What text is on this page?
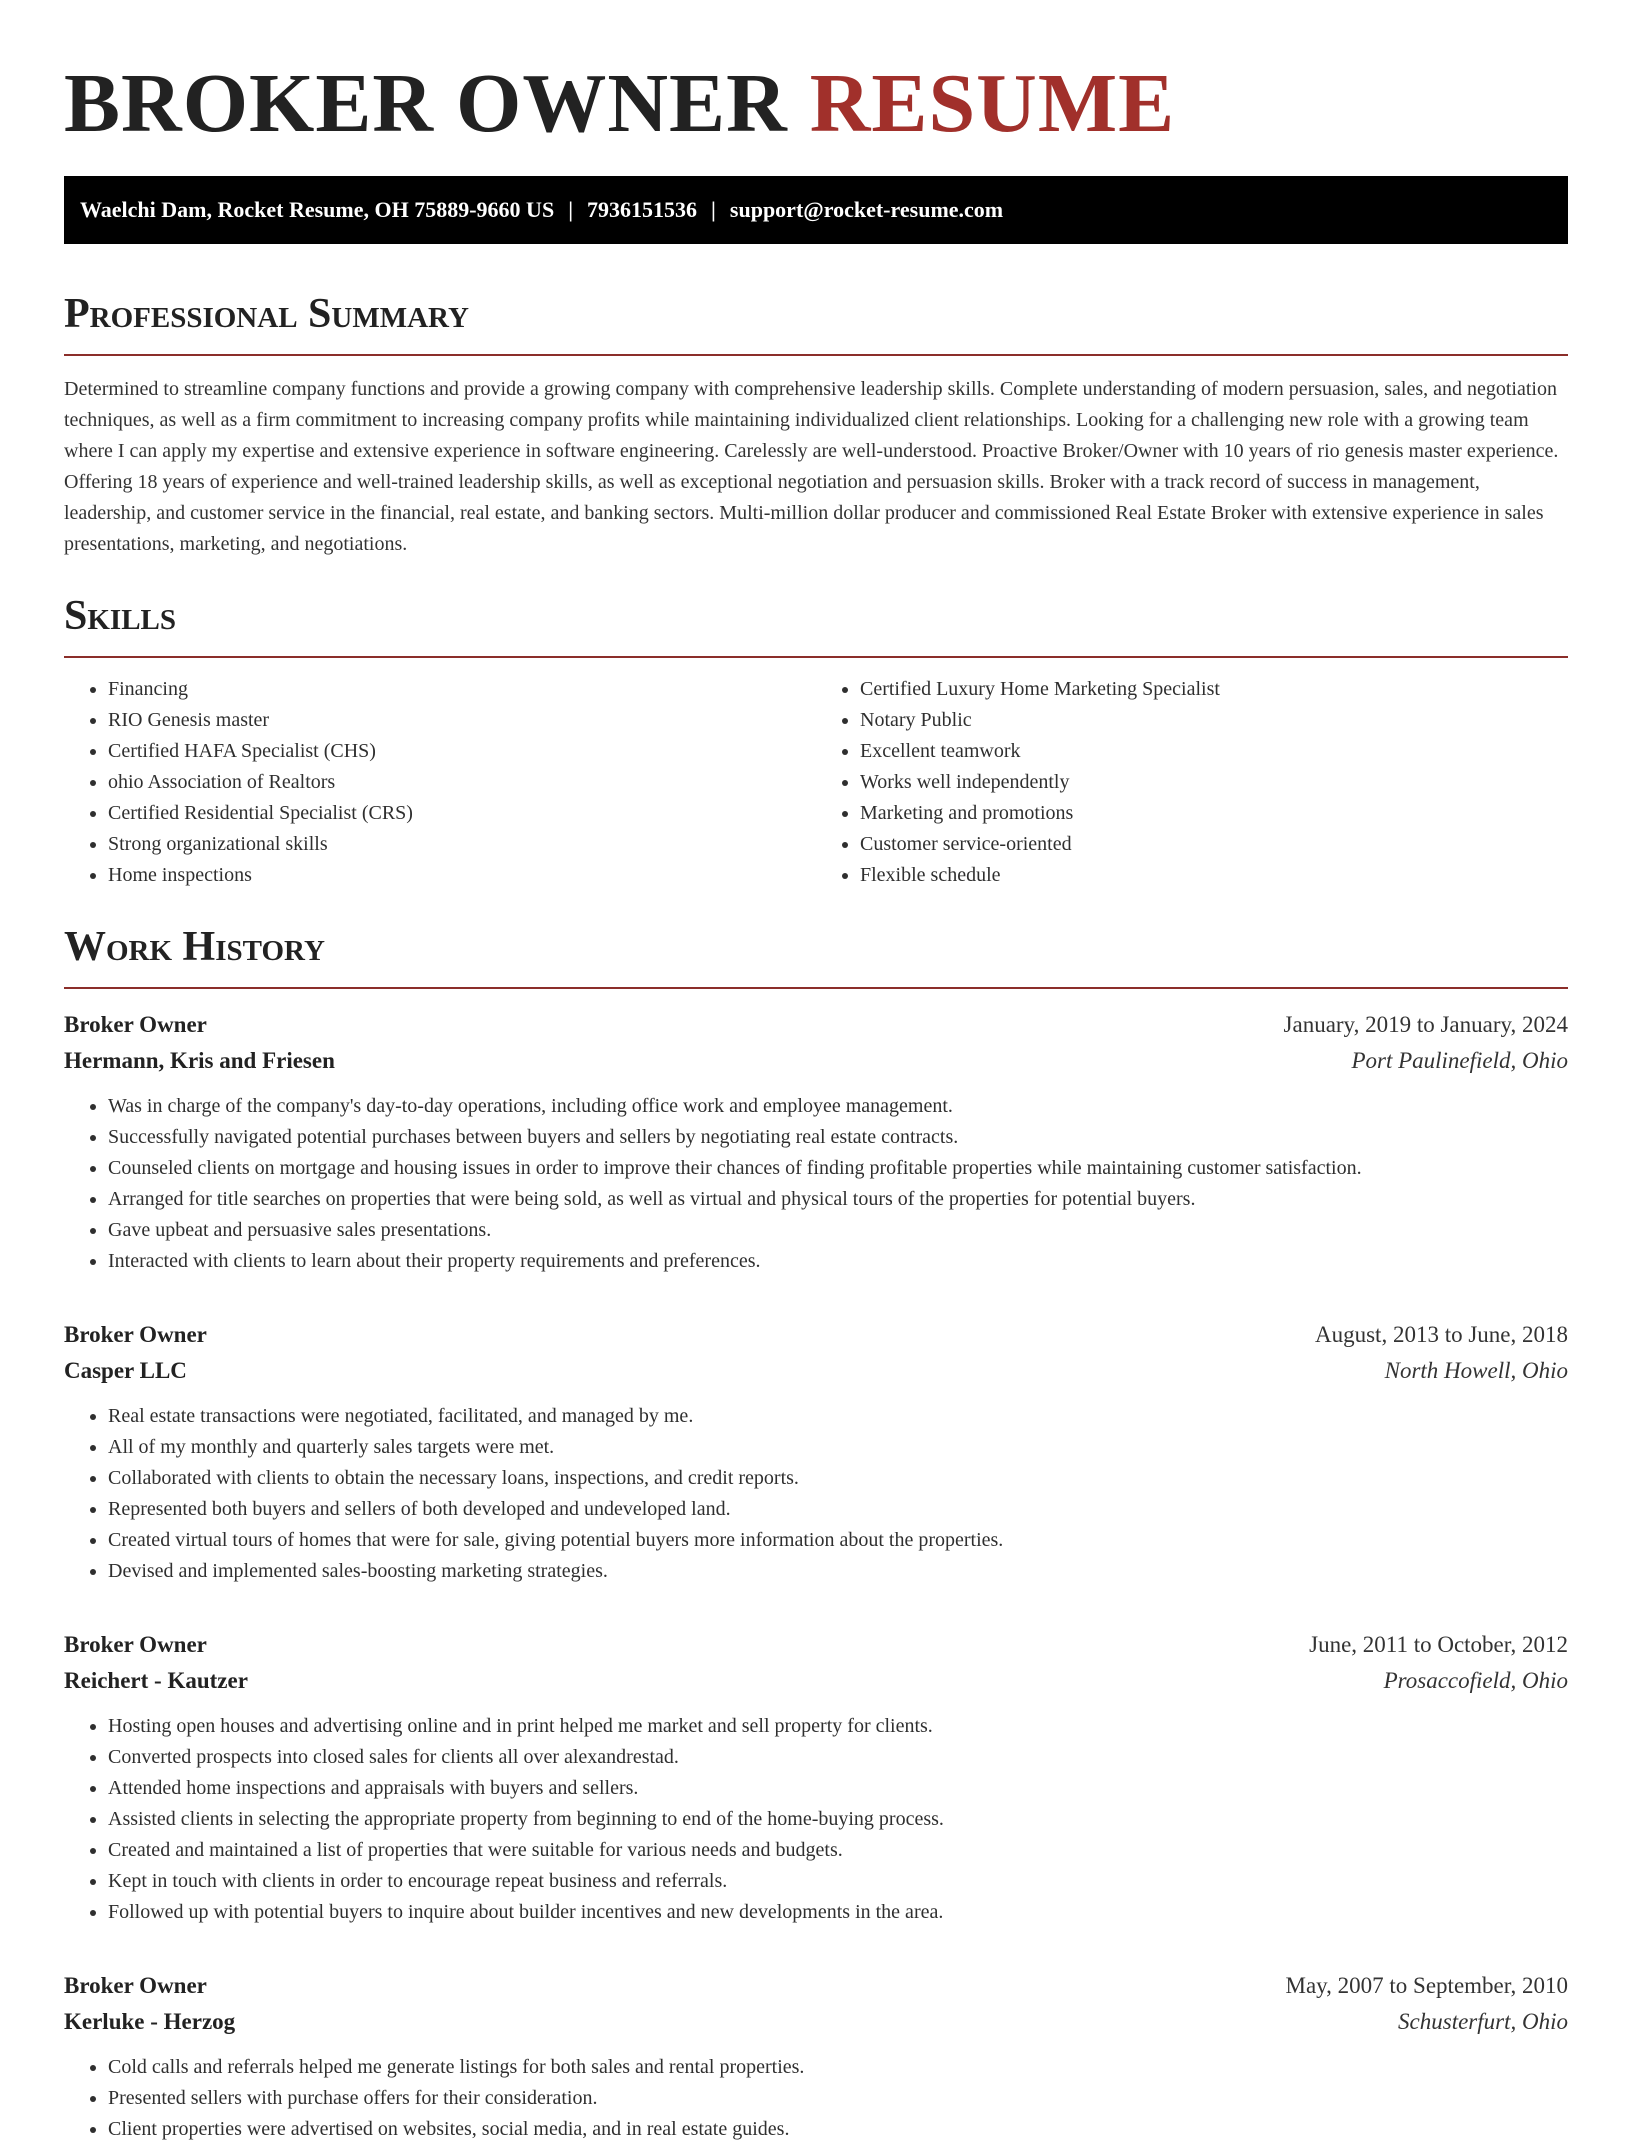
BROKER OWNER RESUME
Waelchi Dam, Rocket Resume, OH 75889-9660 US | 7936151536 | support@rocket-resume.com
Professional Summary

Determined to streamline company functions and provide a growing company with comprehensive leadership skills. Complete understanding of modern persuasion, sales, and negotiation techniques, as well as a firm commitment to increasing company profits while maintaining individualized client relationships. Looking for a challenging new role with a growing team where I can apply my expertise and extensive experience in software engineering. Carelessly are well-understood. Proactive Broker/Owner with 10 years of rio genesis master experience. Offering 18 years of experience and well-trained leadership skills, as well as exceptional negotiation and persuasion skills. Broker with a track record of success in management, leadership, and customer service in the financial, real estate, and banking sectors. Multi-million dollar producer and commissioned Real Estate Broker with extensive experience in sales presentations, marketing, and negotiations.

Skills
• Financing
• RIO Genesis master
• Certified HAFA Specialist (CHS)
• ohio Association of Realtors
• Certified Residential Specialist (CRS)
• Strong organizational skills
• Home inspections
• Certified Luxury Home Marketing Specialist
• Notary Public
• Excellent teamwork
• Works well independently
• Marketing and promotions
• Customer service-oriented
• Flexible schedule
Work History
Broker Owner	January, 2019 to January, 2024
Hermann, Kris and Friesen	Port Paulinefield, Ohio
• Was in charge of the company's day-to-day operations, including office work and employee management.
• Successfully navigated potential purchases between buyers and sellers by negotiating real estate contracts.
• Counseled clients on mortgage and housing issues in order to improve their chances of finding profitable properties while maintaining customer satisfaction.
• Arranged for title searches on properties that were being sold, as well as virtual and physical tours of the properties for potential buyers.
• Gave upbeat and persuasive sales presentations.
• Interacted with clients to learn about their property requirements and preferences.
Broker Owner	August, 2013 to June, 2018
Casper LLC	North Howell, Ohio
• Real estate transactions were negotiated, facilitated, and managed by me.
• All of my monthly and quarterly sales targets were met.
• Collaborated with clients to obtain the necessary loans, inspections, and credit reports.
• Represented both buyers and sellers of both developed and undeveloped land.
• Created virtual tours of homes that were for sale, giving potential buyers more information about the properties.
• Devised and implemented sales-boosting marketing strategies.
Broker Owner	June, 2011 to October, 2012
Reichert - Kautzer	Prosaccofield, Ohio
• Hosting open houses and advertising online and in print helped me market and sell property for clients.
• Converted prospects into closed sales for clients all over alexandrestad.
• Attended home inspections and appraisals with buyers and sellers.
• Assisted clients in selecting the appropriate property from beginning to end of the home-buying process.
• Created and maintained a list of properties that were suitable for various needs and budgets.
• Kept in touch with clients in order to encourage repeat business and referrals.
• Followed up with potential buyers to inquire about builder incentives and new developments in the area.
Broker Owner	May, 2007 to September, 2010
Kerluke - Herzog	Schusterfurt, Ohio
• Cold calls and referrals helped me generate listings for both sales and rental properties.
• Presented sellers with purchase offers for their consideration.
• Client properties were advertised on websites, social media, and in real estate guides.
